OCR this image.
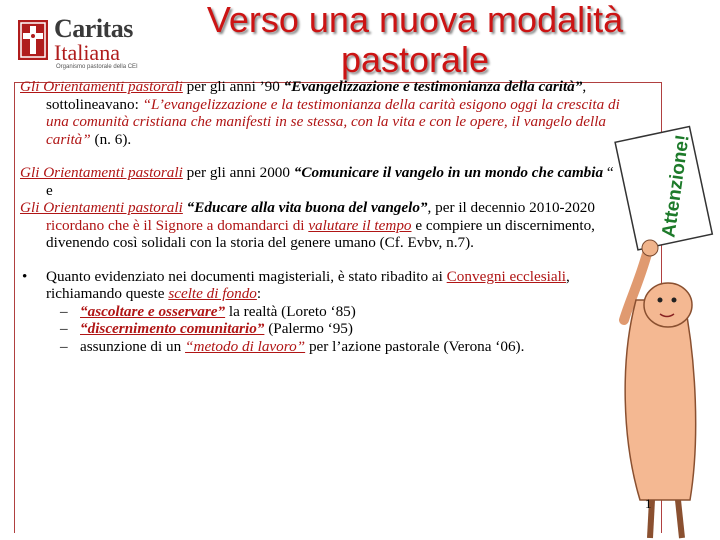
Caritas
Italiana
Organismo pastorale della CEI
Verso una nuova modalità pastorale

Gli Orientamenti pastorali per gli anni ’90 “Evangelizzazione e testimonianza della carità”, sottolineavano: “L’evangelizzazione e la testimonianza della carità esigono oggi la crescita di una comunità cristiana che manifesti in se stessa, con la vita e con le opere, il vangelo della carità” (n. 6).

Gli Orientamenti pastorali per gli anni 2000 “Comunicare il vangelo in un mondo che cambia “ e

Gli Orientamenti pastorali “Educare alla vita buona del vangelo”, per il decennio 2010-2020 ricordano che è il Signore a domandarci di valutare il tempo e compiere un discernimento, divenendo così solidali con la storia del genere umano (Cf. Evbv, n.7).

• Quanto evidenziato nei documenti magisteriali, è stato ribadito ai Convegni ecclesiali, richiamando queste scelte di fondo:
– “ascoltare e osservare” la realtà (Loreto ‘85)
– “discernimento comunitario” (Palermo ‘95)
– assunzione di un “metodo di lavoro” per l’azione pastorale (Verona ‘06).
Attenzione!
1
